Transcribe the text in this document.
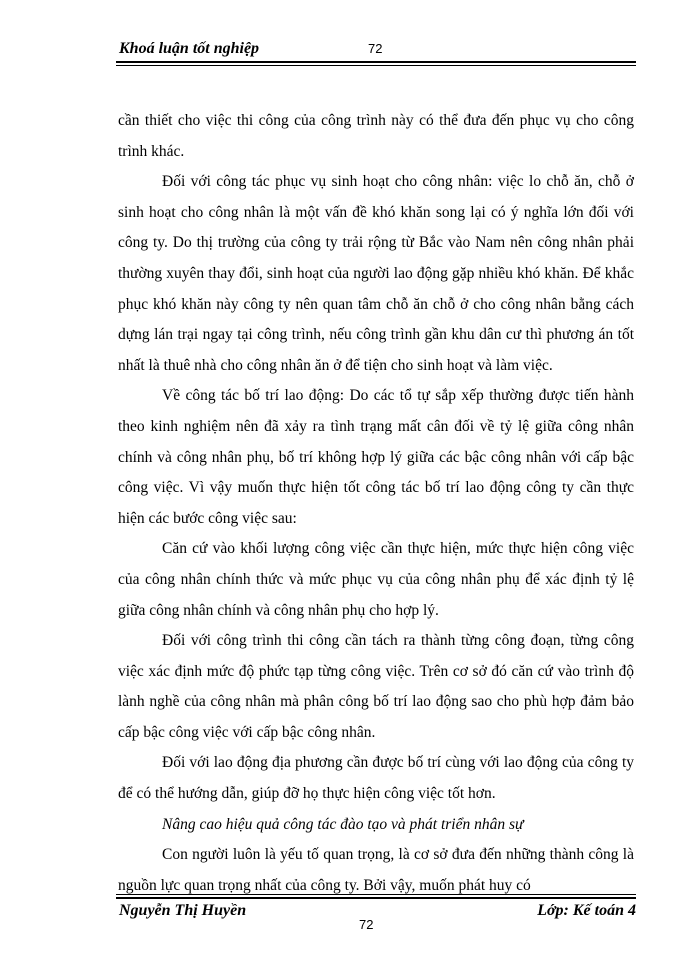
Khoá luận tốt nghiệp	72

cần thiết cho việc thi công của công trình này có thể đưa đến phục vụ cho công trình khác.

Đối với công tác phục vụ sinh hoạt cho công nhân: việc lo chỗ ăn, chỗ ở sinh hoạt cho công nhân là một vấn đề khó khăn song lại có ý nghĩa lớn đối với công ty. Do thị trường của công ty trải rộng từ Bắc vào Nam nên công nhân phải thường xuyên thay đổi, sinh hoạt của người lao động gặp nhiều khó khăn. Để khắc phục khó khăn này công ty nên quan tâm chỗ ăn chỗ ở cho công nhân bằng cách dựng lán trại ngay tại công trình, nếu công trình gần khu dân cư thì phương án tốt nhất là thuê nhà cho công nhân ăn ở để tiện cho sinh hoạt và làm việc.

Về công tác bố trí lao động: Do các tổ tự sắp xếp thường được tiến hành theo kinh nghiệm nên đã xảy ra tình trạng mất cân đối về tỷ lệ giữa công nhân chính và công nhân phụ, bố trí không hợp lý giữa các bậc công nhân với cấp bậc công việc. Vì vậy muốn thực hiện tốt công tác bố trí lao động công ty cần thực hiện các bước công việc sau:

Căn cứ vào khối lượng công việc cần thực hiện, mức thực hiện công việc của công nhân chính thức và mức phục vụ của công nhân phụ để xác định tỷ lệ giữa công nhân chính và công nhân phụ cho hợp lý.

Đối với công trình thi công cần tách ra thành từng công đoạn, từng công việc xác định mức độ phức tạp từng công việc. Trên cơ sở đó căn cứ vào trình độ lành nghề của công nhân mà phân công bố trí lao động sao cho phù hợp đảm bảo cấp bậc công việc với cấp bậc công nhân.

Đối với lao động địa phương cần được bố trí cùng với lao động của công ty để có thể hướng dẫn, giúp đỡ họ thực hiện công việc tốt hơn.

Nâng cao hiệu quả công tác đào tạo và phát triển nhân sự

Con người luôn là yếu tố quan trọng, là cơ sở đưa đến những thành công là nguồn lực quan trọng nhất của công ty. Bởi vậy, muốn phát huy có

Nguyễn Thị Huyền	Lớp: Kế toán 4
72
